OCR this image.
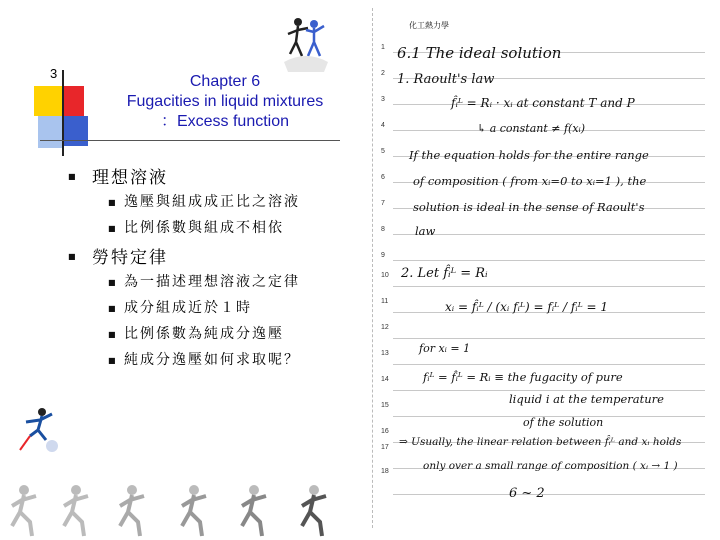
3	Chapter 6
Fugacities in liquid mixtures
：Excess function
■ 理想溶液
■ 逸壓與組成成正比之溶液
■ 比例係數與組成不相依
■ 勞特定律
■ 為一描述理想溶液之定律
■ 成分組成近於１時
■ 比例係數為純成分逸壓
■ 純成分逸壓如何求取呢？
化工熱力學
1
2
3
4
5
6
7
8
9
10
11
12
13
14
15
16
17
18
6.1 The ideal solution
1. Raoult's law
f̂ᵢᴸ = Rᵢ · xᵢ at constant T and P
↳ a constant ≠ f(xᵢ)
If the equation holds for the entire range
of composition ( from xᵢ=0 to xᵢ=1 ), the
solution is ideal in the sense of Raoult's
law
2. Let f̂ᵢᴸ = Rᵢ
xᵢ = f̂ᵢᴸ / (xᵢ fᵢᴸ) = fᵢᴸ / fᵢᴸ = 1
for xᵢ = 1
fᵢᴸ = f̂ᵢᴸ = Rᵢ ≡ the fugacity of pure
liquid i at the temperature
of the solution
⇒ Usually, the linear relation between f̂ᵢᴸ and xᵢ holds
only over a small range of composition ( xᵢ → 1 )
6 ~ 2
